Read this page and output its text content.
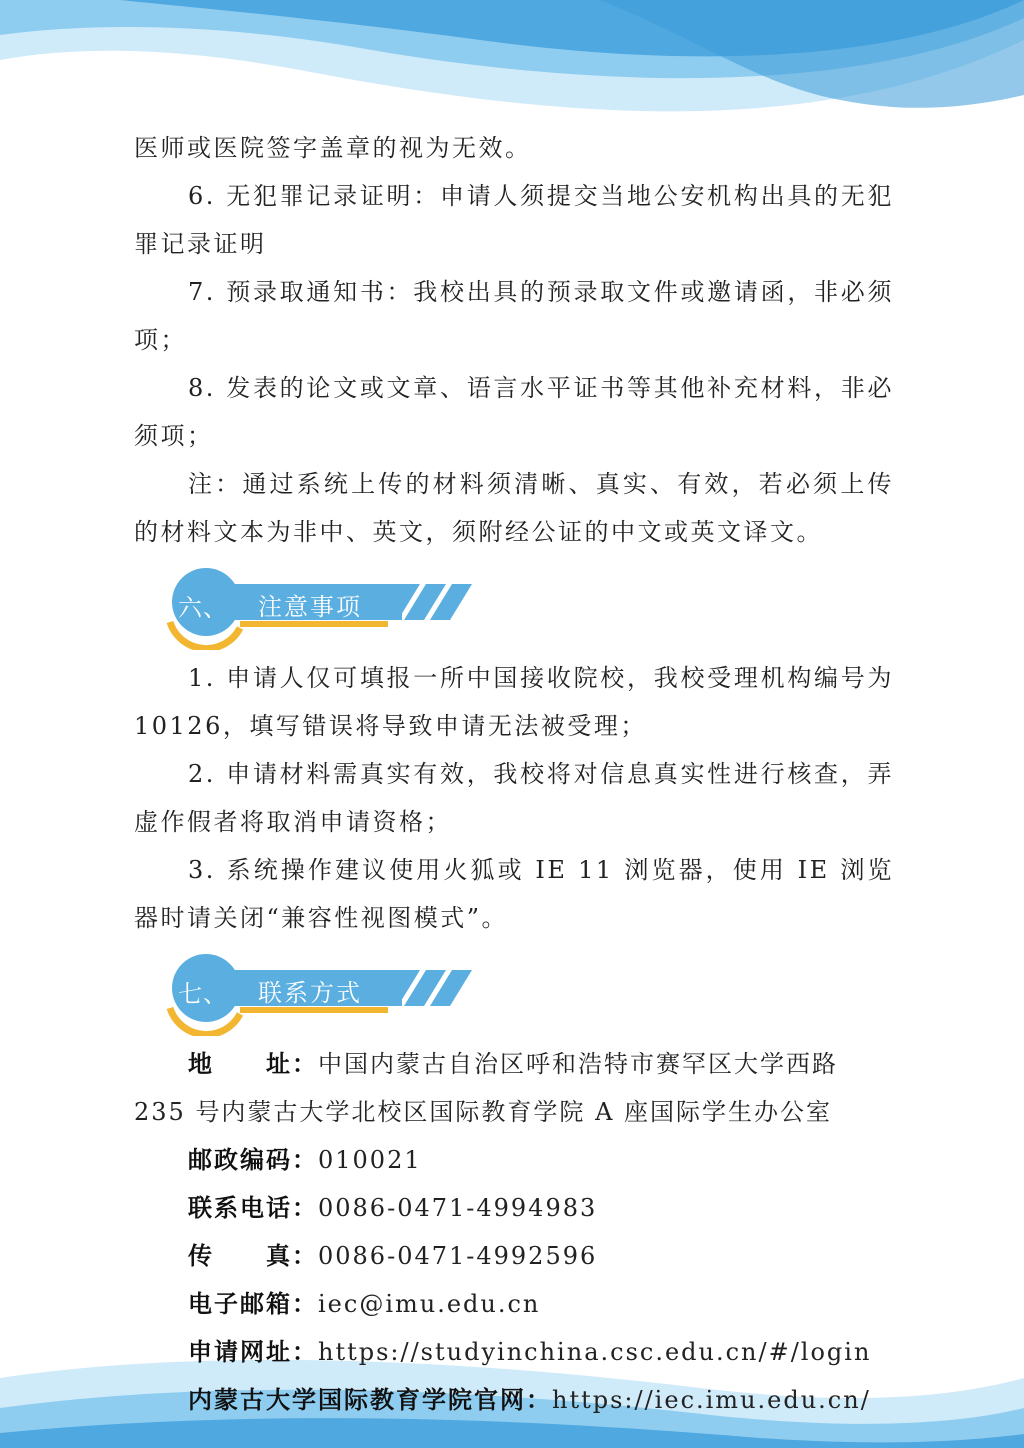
医师或医院签字盖章的视为无效。

6. 无犯罪记录证明：申请人须提交当地公安机构出具的无犯罪记录证明

7. 预录取通知书：我校出具的预录取文件或邀请函，非必须项；

8. 发表的论文或文章、语言水平证书等其他补充材料，非必须项；

注：通过系统上传的材料须清晰、真实、有效，若必须上传的材料文本为非中、英文，须附经公证的中文或英文译文。

六、	注意事项

1. 申请人仅可填报一所中国接收院校，我校受理机构编号为 10126，填写错误将导致申请无法被受理；

2. 申请材料需真实有效，我校将对信息真实性进行核查，弄虚作假者将取消申请资格；

3. 系统操作建议使用火狐或 IE 11 浏览器，使用 IE 浏览器时请关闭“兼容性视图模式”。

七、	联系方式
地　　址：中国内蒙古自治区呼和浩特市赛罕区大学西路
235 号内蒙古大学北校区国际教育学院 A 座国际学生办公室
邮政编码：010021
联系电话：0086-0471-4994983
传　　真：0086-0471-4992596
电子邮箱：iec@imu.edu.cn
申请网址：https://studyinchina.csc.edu.cn/#/login
内蒙古大学国际教育学院官网：https://iec.imu.edu.cn/
